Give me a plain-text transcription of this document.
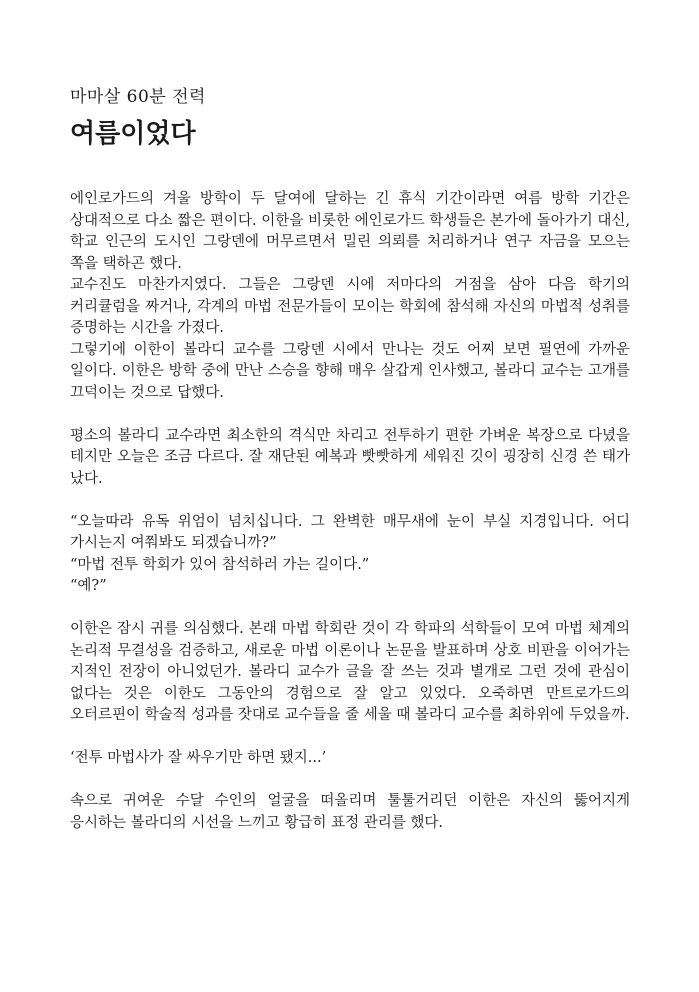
마마살 60분 전력

여름이었다

에인로가드의 겨울 방학이 두 달여에 달하는 긴 휴식 기간이라면 여름 방학 기간은 상대적으로 다소 짧은 편이다. 이한을 비롯한 에인로가드 학생들은 본가에 돌아가기 대신, 학교 인근의 도시인 그랑덴에 머무르면서 밀린 의뢰를 처리하거나 연구 자금을 모으는 쪽을 택하곤 했다.

교수진도 마찬가지였다. 그들은 그랑덴 시에 저마다의 거점을 삼아 다음 학기의 커리큘럼을 짜거나, 각계의 마법 전문가들이 모이는 학회에 참석해 자신의 마법적 성취를 증명하는 시간을 가졌다.

그렇기에 이한이 볼라디 교수를 그랑덴 시에서 만나는 것도 어찌 보면 필연에 가까운 일이다. 이한은 방학 중에 만난 스승을 향해 매우 살갑게 인사했고, 볼라디 교수는 고개를 끄덕이는 것으로 답했다.

평소의 볼라디 교수라면 최소한의 격식만 차리고 전투하기 편한 가벼운 복장으로 다녔을 테지만 오늘은 조금 다르다. 잘 재단된 예복과 빳빳하게 세워진 깃이 굉장히 신경 쓴 태가 났다.

“오늘따라 유독 위엄이 넘치십니다. 그 완벽한 매무새에 눈이 부실 지경입니다. 어디 가시는지 여쭤봐도 되겠습니까?”

“마법 전투 학회가 있어 참석하러 가는 길이다.”

“예?”

이한은 잠시 귀를 의심했다. 본래 마법 학회란 것이 각 학파의 석학들이 모여 마법 체계의 논리적 무결성을 검증하고, 새로운 마법 이론이나 논문을 발표하며 상호 비판을 이어가는 지적인 전장이 아니었던가. 볼라디 교수가 글을 잘 쓰는 것과 별개로 그런 것에 관심이 없다는 것은 이한도 그동안의 경험으로 잘 알고 있었다. 오죽하면 만트로가드의 오터르핀이 학술적 성과를 잣대로 교수들을 줄 세울 때 볼라디 교수를 최하위에 두었을까.

‘전투 마법사가 잘 싸우기만 하면 됐지...’

속으로 귀여운 수달 수인의 얼굴을 떠올리며 툴툴거리던 이한은 자신의 뚫어지게 응시하는 볼라디의 시선을 느끼고 황급히 표정 관리를 했다.
